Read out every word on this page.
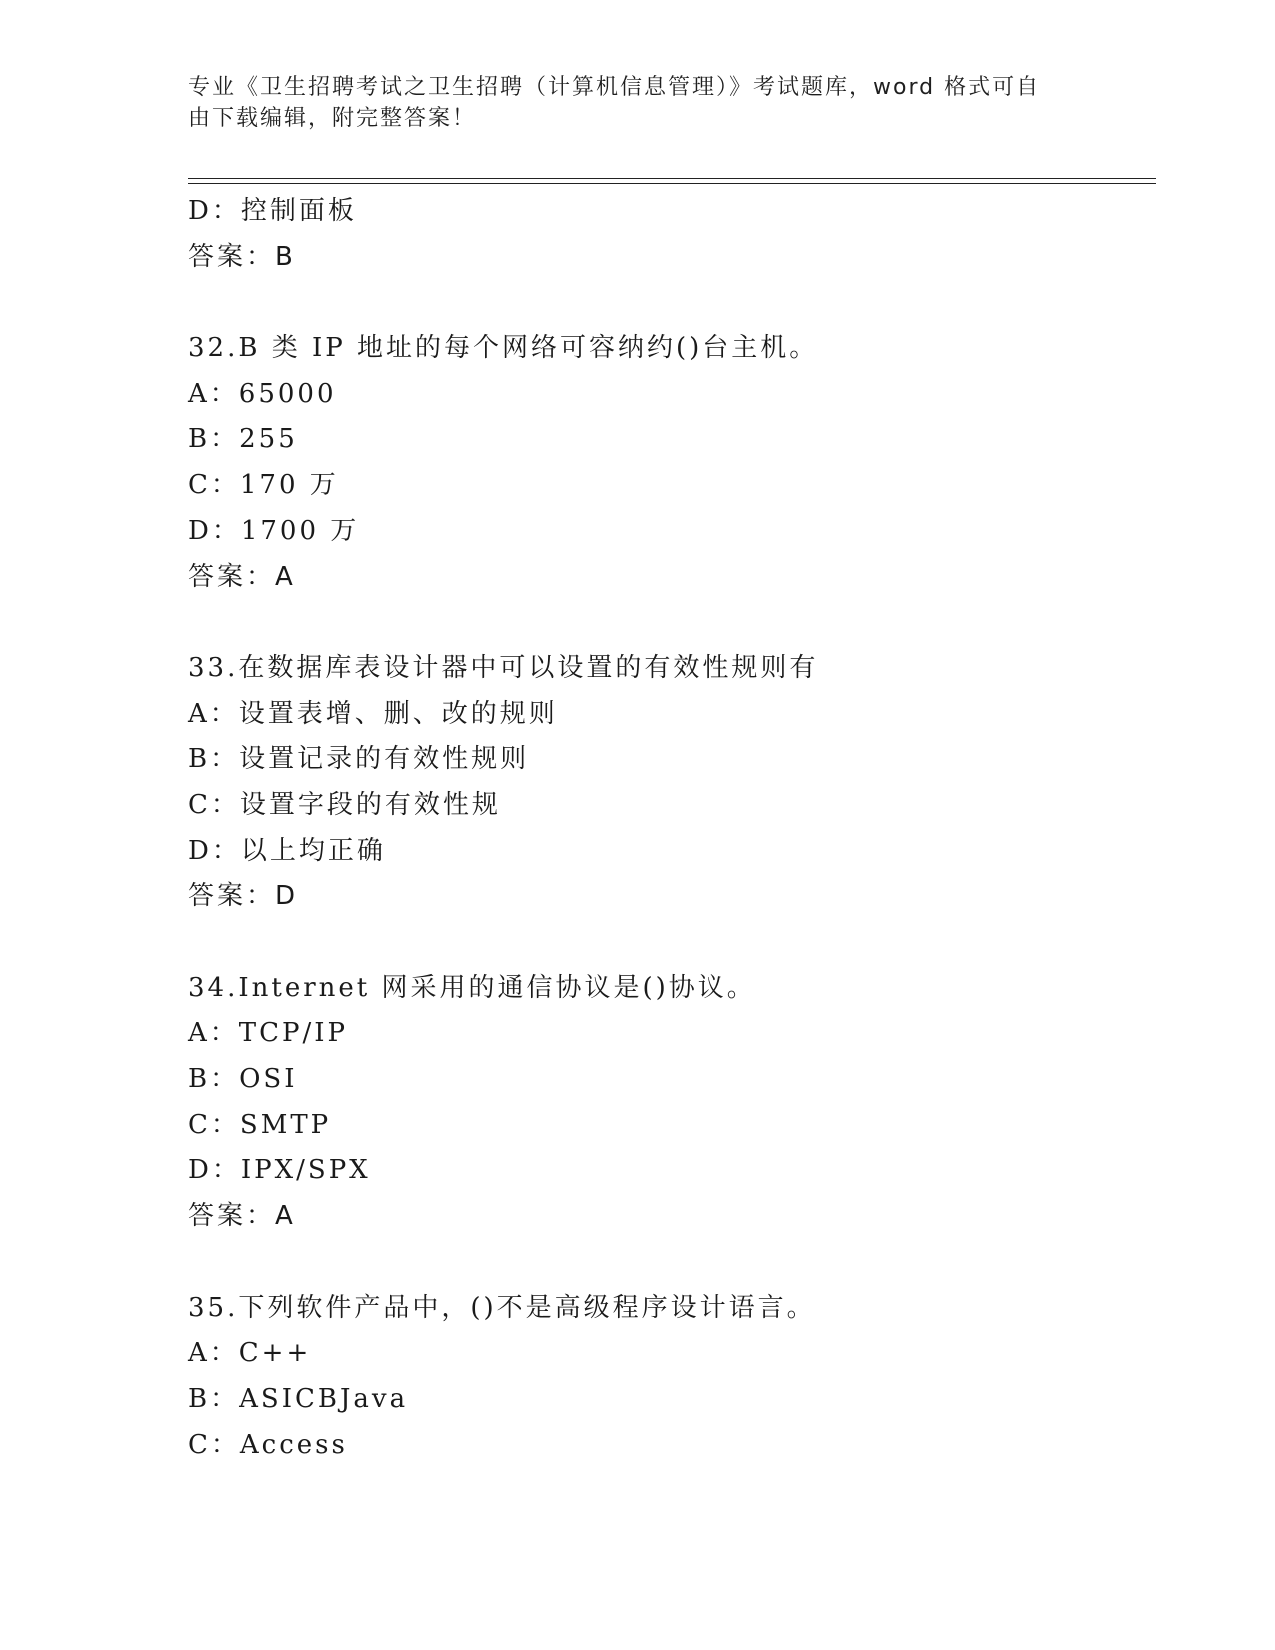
专业《卫生招聘考试之卫生招聘（计算机信息管理）》考试题库，word 格式可自
由下载编辑，附完整答案！
D：控制面板
答案：B
32.B 类 IP 地址的每个网络可容纳约()台主机。
A：65000
B：255
C：170 万
D：1700 万
答案：A
33.在数据库表设计器中可以设置的有效性规则有
A：设置表增、删、改的规则
B：设置记录的有效性规则
C：设置字段的有效性规
D：以上均正确
答案：D
34.Internet 网采用的通信协议是()协议。
A：TCP/IP
B：OSI
C：SMTP
D：IPX/SPX
答案：A
35.下列软件产品中，()不是高级程序设计语言。
A：C++
B：ASICBJava
C：Access
